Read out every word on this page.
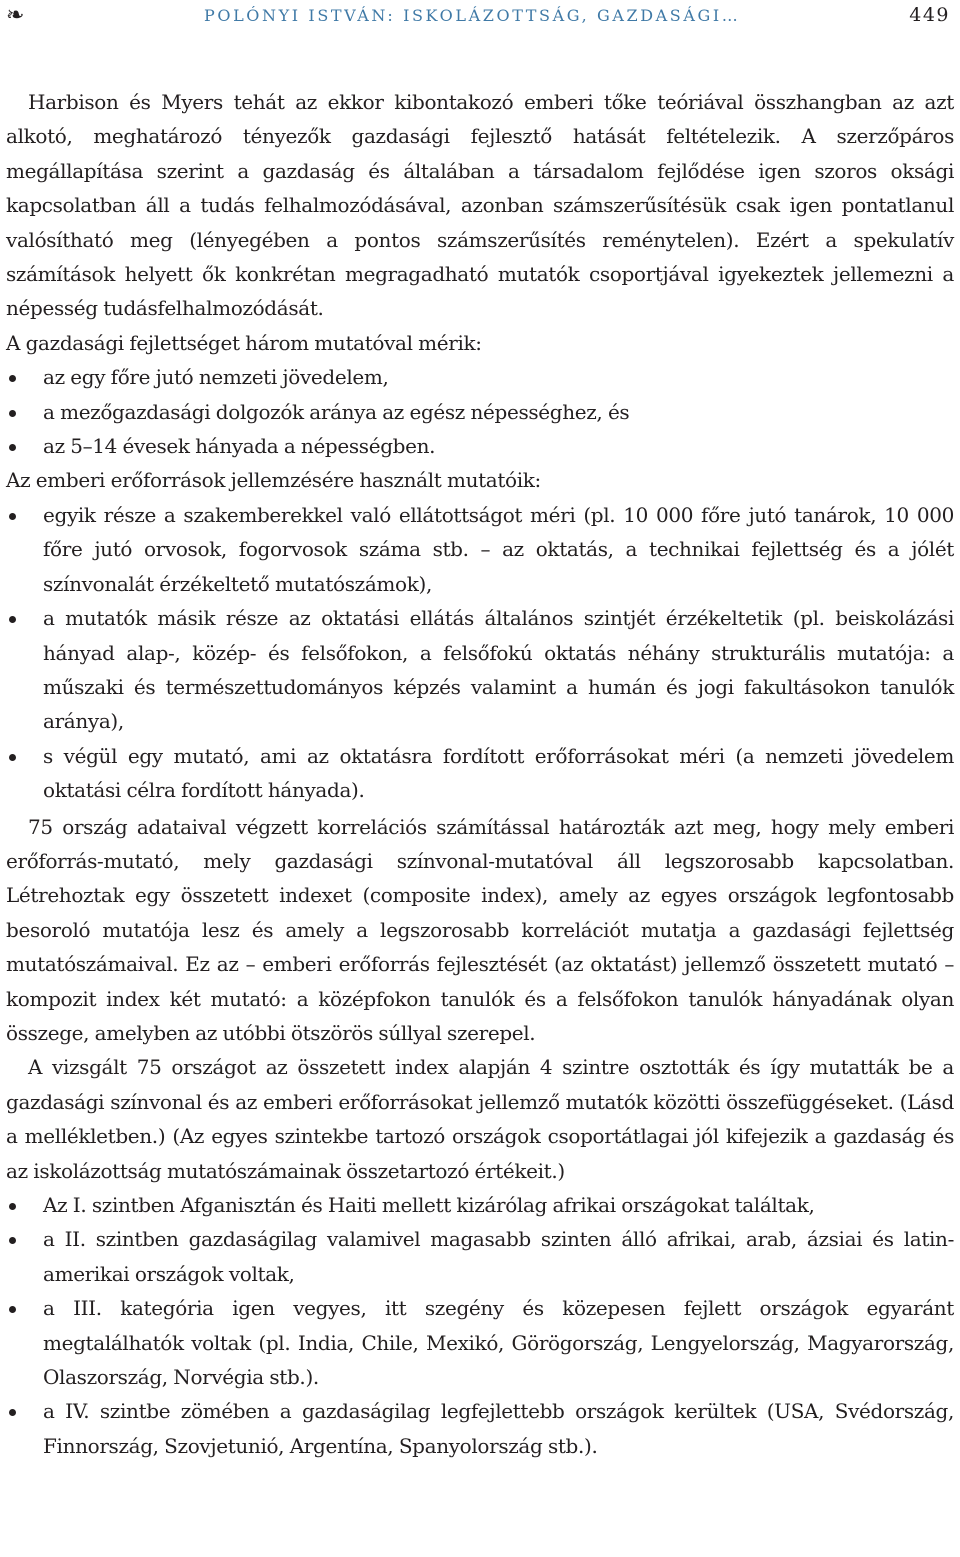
❧	POLÓNYI ISTVÁN: ISKOLÁZOTTSÁG, GAZDASÁGI…	449

Harbison és Myers tehát az ekkor kibontakozó emberi tőke teóriával összhangban az azt alkotó, meghatározó tényezők gazdasági fejlesztő hatását feltételezik. A szerzőpáros megállapítása szerint a gazdaság és általában a társadalom fejlődése igen szoros oksági kapcsolatban áll a tudás felhalmozódásával, azonban számszerűsítésük csak igen pontatlanul valósítható meg (lényegében a pontos számszerűsítés reménytelen). Ezért a spekulatív számítások helyett ők konkrétan megragadható mutatók csoportjával igyekeztek jellemezni a népesség tudásfelhalmozódását.

A gazdasági fejlettséget három mutatóval mérik:

az egy főre jutó nemzeti jövedelem,
a mezőgazdasági dolgozók aránya az egész népességhez, és
az 5–14 évesek hányada a népességben.

Az emberi erőforrások jellemzésére használt mutatóik:

egyik része a szakemberekkel való ellátottságot méri (pl. 10 000 főre jutó tanárok, 10 000 főre jutó orvosok, fogorvosok száma stb. – az oktatás, a technikai fejlettség és a jólét színvonalát érzékeltető mutatószámok),
a mutatók másik része az oktatási ellátás általános szintjét érzékeltetik (pl. beiskolázási hányad alap-, közép- és felsőfokon, a felsőfokú oktatás néhány strukturális mutatója: a műszaki és természettudományos képzés valamint a humán és jogi fakultásokon tanulók aránya),
s végül egy mutató, ami az oktatásra fordított erőforrásokat méri (a nemzeti jövedelem oktatási célra fordított hányada).

75 ország adataival végzett korrelációs számítással határozták azt meg, hogy mely emberi erőforrás-mutató, mely gazdasági színvonal-mutatóval áll legszorosabb kapcsolatban. Létrehoztak egy összetett indexet (composite index), amely az egyes országok legfontosabb besoroló mutatója lesz és amely a legszorosabb korrelációt mutatja a gazdasági fejlettség mutatószámaival. Ez az – emberi erőforrás fejlesztését (az oktatást) jellemző összetett mutató – kompozit index két mutató: a középfokon tanulók és a felsőfokon tanulók hányadának olyan összege, amelyben az utóbbi ötszörös súllyal szerepel.

A vizsgált 75 országot az összetett index alapján 4 szintre osztották és így mutatták be a gazdasági színvonal és az emberi erőforrásokat jellemző mutatók közötti összefüggéseket. (Lásd a mellékletben.) (Az egyes szintekbe tartozó országok csoportátlagai jól kifejezik a gazdaság és az iskolázottság mutatószámainak összetartozó értékeit.)

Az I. szintben Afganisztán és Haiti mellett kizárólag afrikai országokat találtak,
a II. szintben gazdaságilag valamivel magasabb szinten álló afrikai, arab, ázsiai és latin-amerikai országok voltak,
a III. kategória igen vegyes, itt szegény és közepesen fejlett országok egyaránt megtalálhatók voltak (pl. India, Chile, Mexikó, Görögország, Lengyelország, Magyarország, Olaszország, Norvégia stb.).
a IV. szintbe zömében a gazdaságilag legfejlettebb országok kerültek (USA, Svédország, Finnország, Szovjetunió, Argentína, Spanyolország stb.).
